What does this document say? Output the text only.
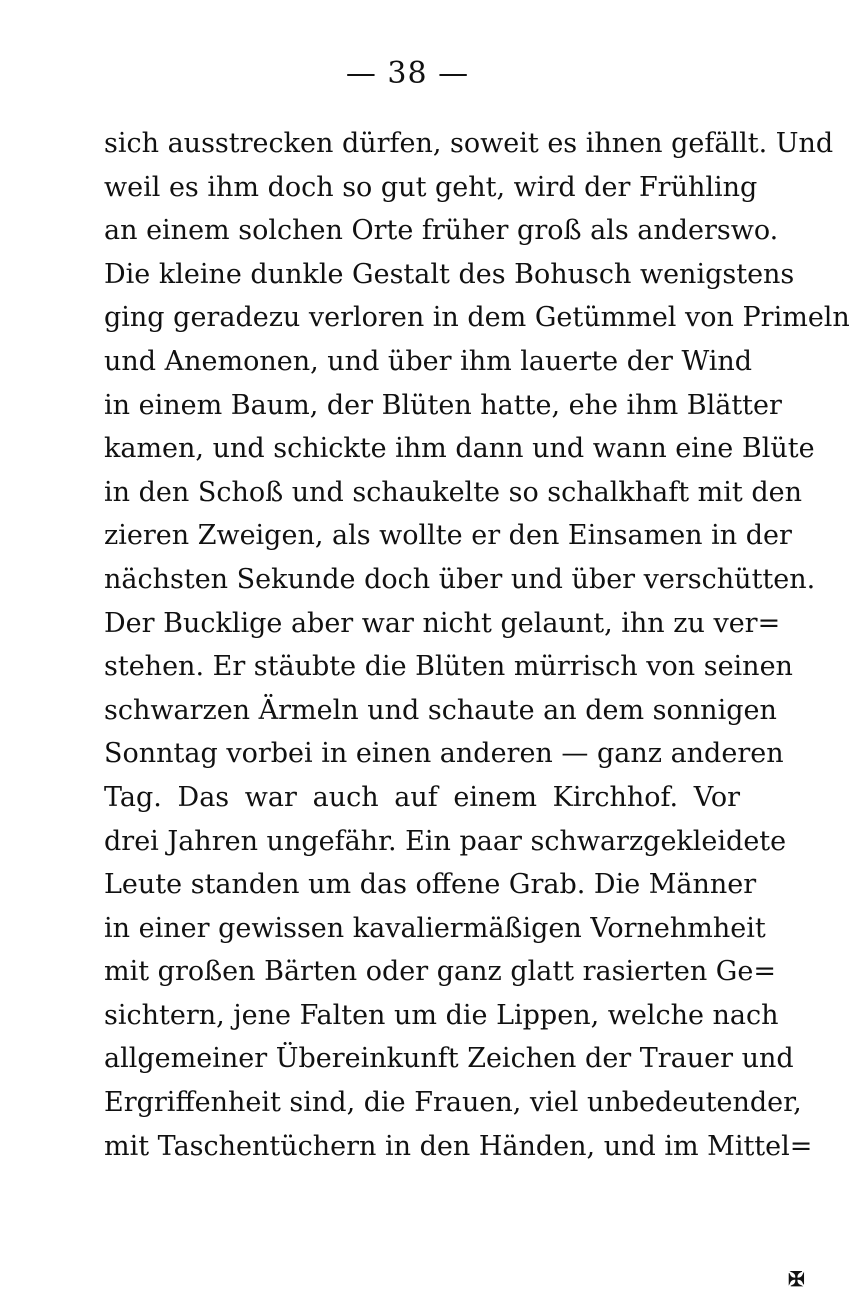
— 38 —
sich ausstrecken dürfen, soweit es ihnen gefällt. Und
weil es ihm doch so gut geht, wird der Frühling
an einem solchen Orte früher groß als anderswo.
Die kleine dunkle Gestalt des Bohusch wenigstens
ging geradezu verloren in dem Getümmel von Primeln
und Anemonen, und über ihm lauerte der Wind
in einem Baum, der Blüten hatte, ehe ihm Blätter
kamen, und schickte ihm dann und wann eine Blüte
in den Schoß und schaukelte so schalkhaft mit den
zieren Zweigen, als wollte er den Einsamen in der
nächsten Sekunde doch über und über verschütten.
Der Bucklige aber war nicht gelaunt, ihn zu ver=
stehen. Er stäubte die Blüten mürrisch von seinen
schwarzen Ärmeln und schaute an dem sonnigen
Sonntag vorbei in einen anderen — ganz anderen
Tag. Das war auch auf einem Kirchhof. Vor
drei Jahren ungefähr. Ein paar schwarzgekleidete
Leute standen um das offene Grab. Die Männer
in einer gewissen kavaliermäßigen Vornehmheit
mit großen Bärten oder ganz glatt rasierten Ge=
sichtern, jene Falten um die Lippen, welche nach
allgemeiner Übereinkunft Zeichen der Trauer und
Ergriffenheit sind, die Frauen, viel unbedeutender,
mit Taschentüchern in den Händen, und im Mittel=
✠
